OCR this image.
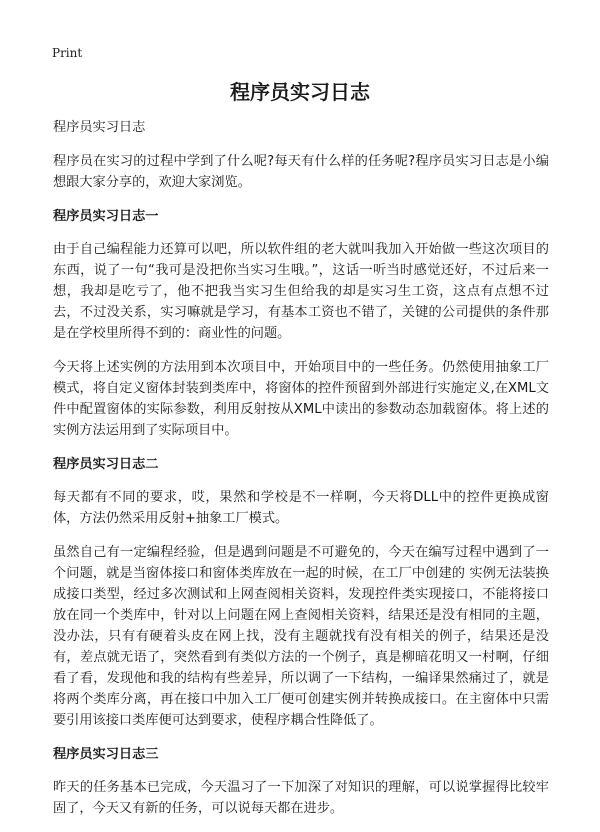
Print
程序员实习日志

程序员实习日志

程序员在实习的过程中学到了什么呢?每天有什么样的任务呢?程序员实习日志是小编想跟大家分享的，欢迎大家浏览。

程序员实习日志一

由于自己编程能力还算可以吧，所以软件组的老大就叫我加入开始做一些这次项目的东西，说了一句“我可是没把你当实习生哦。”，这话一听当时感觉还好，不过后来一想，我却是吃亏了，他不把我当实习生但给我的却是实习生工资，这点有点想不过去，不过没关系，实习嘛就是学习，有基本工资也不错了，关键的公司提供的条件那是在学校里所得不到的：商业性的问题。

今天将上述实例的方法用到本次项目中，开始项目中的一些任务。仍然使用抽象工厂模式，将自定义窗体封装到类库中，将窗体的控件预留到外部进行实施定义,在XML文件中配置窗体的实际参数，利用反射按从XML中读出的参数动态加载窗体。将上述的实例方法运用到了实际项目中。

程序员实习日志二

每天都有不同的要求，哎，果然和学校是不一样啊，今天将DLL中的控件更换成窗体，方法仍然采用反射+抽象工厂模式。

虽然自己有一定编程经验，但是遇到问题是不可避免的，今天在编写过程中遇到了一个问题，就是当窗体接口和窗体类库放在一起的时候，在工厂中创建的 实例无法装换成接口类型，经过多次测试和上网查阅相关资料，发现控件类实现接口，不能将接口放在同一个类库中，针对以上问题在网上查阅相关资料，结果还是没有相同的主题，没办法，只有有硬着头皮在网上找，没有主题就找有没有相关的例子，结果还是没有，差点就无语了，突然看到有类似方法的一个例子，真是柳暗花明又一村啊，仔细看了看，发现他和我的结构有些差异，所以调了一下结构，一编译果然痛过了，就是将两个类库分离，再在接口中加入工厂便可创建实例并转换成接口。在主窗体中只需要引用该接口类库便可达到要求，使程序耦合性降低了。

程序员实习日志三

昨天的任务基本已完成，今天温习了一下加深了对知识的理解，可以说掌握得比较牢固了，今天又有新的任务，可以说每天都在进步。
